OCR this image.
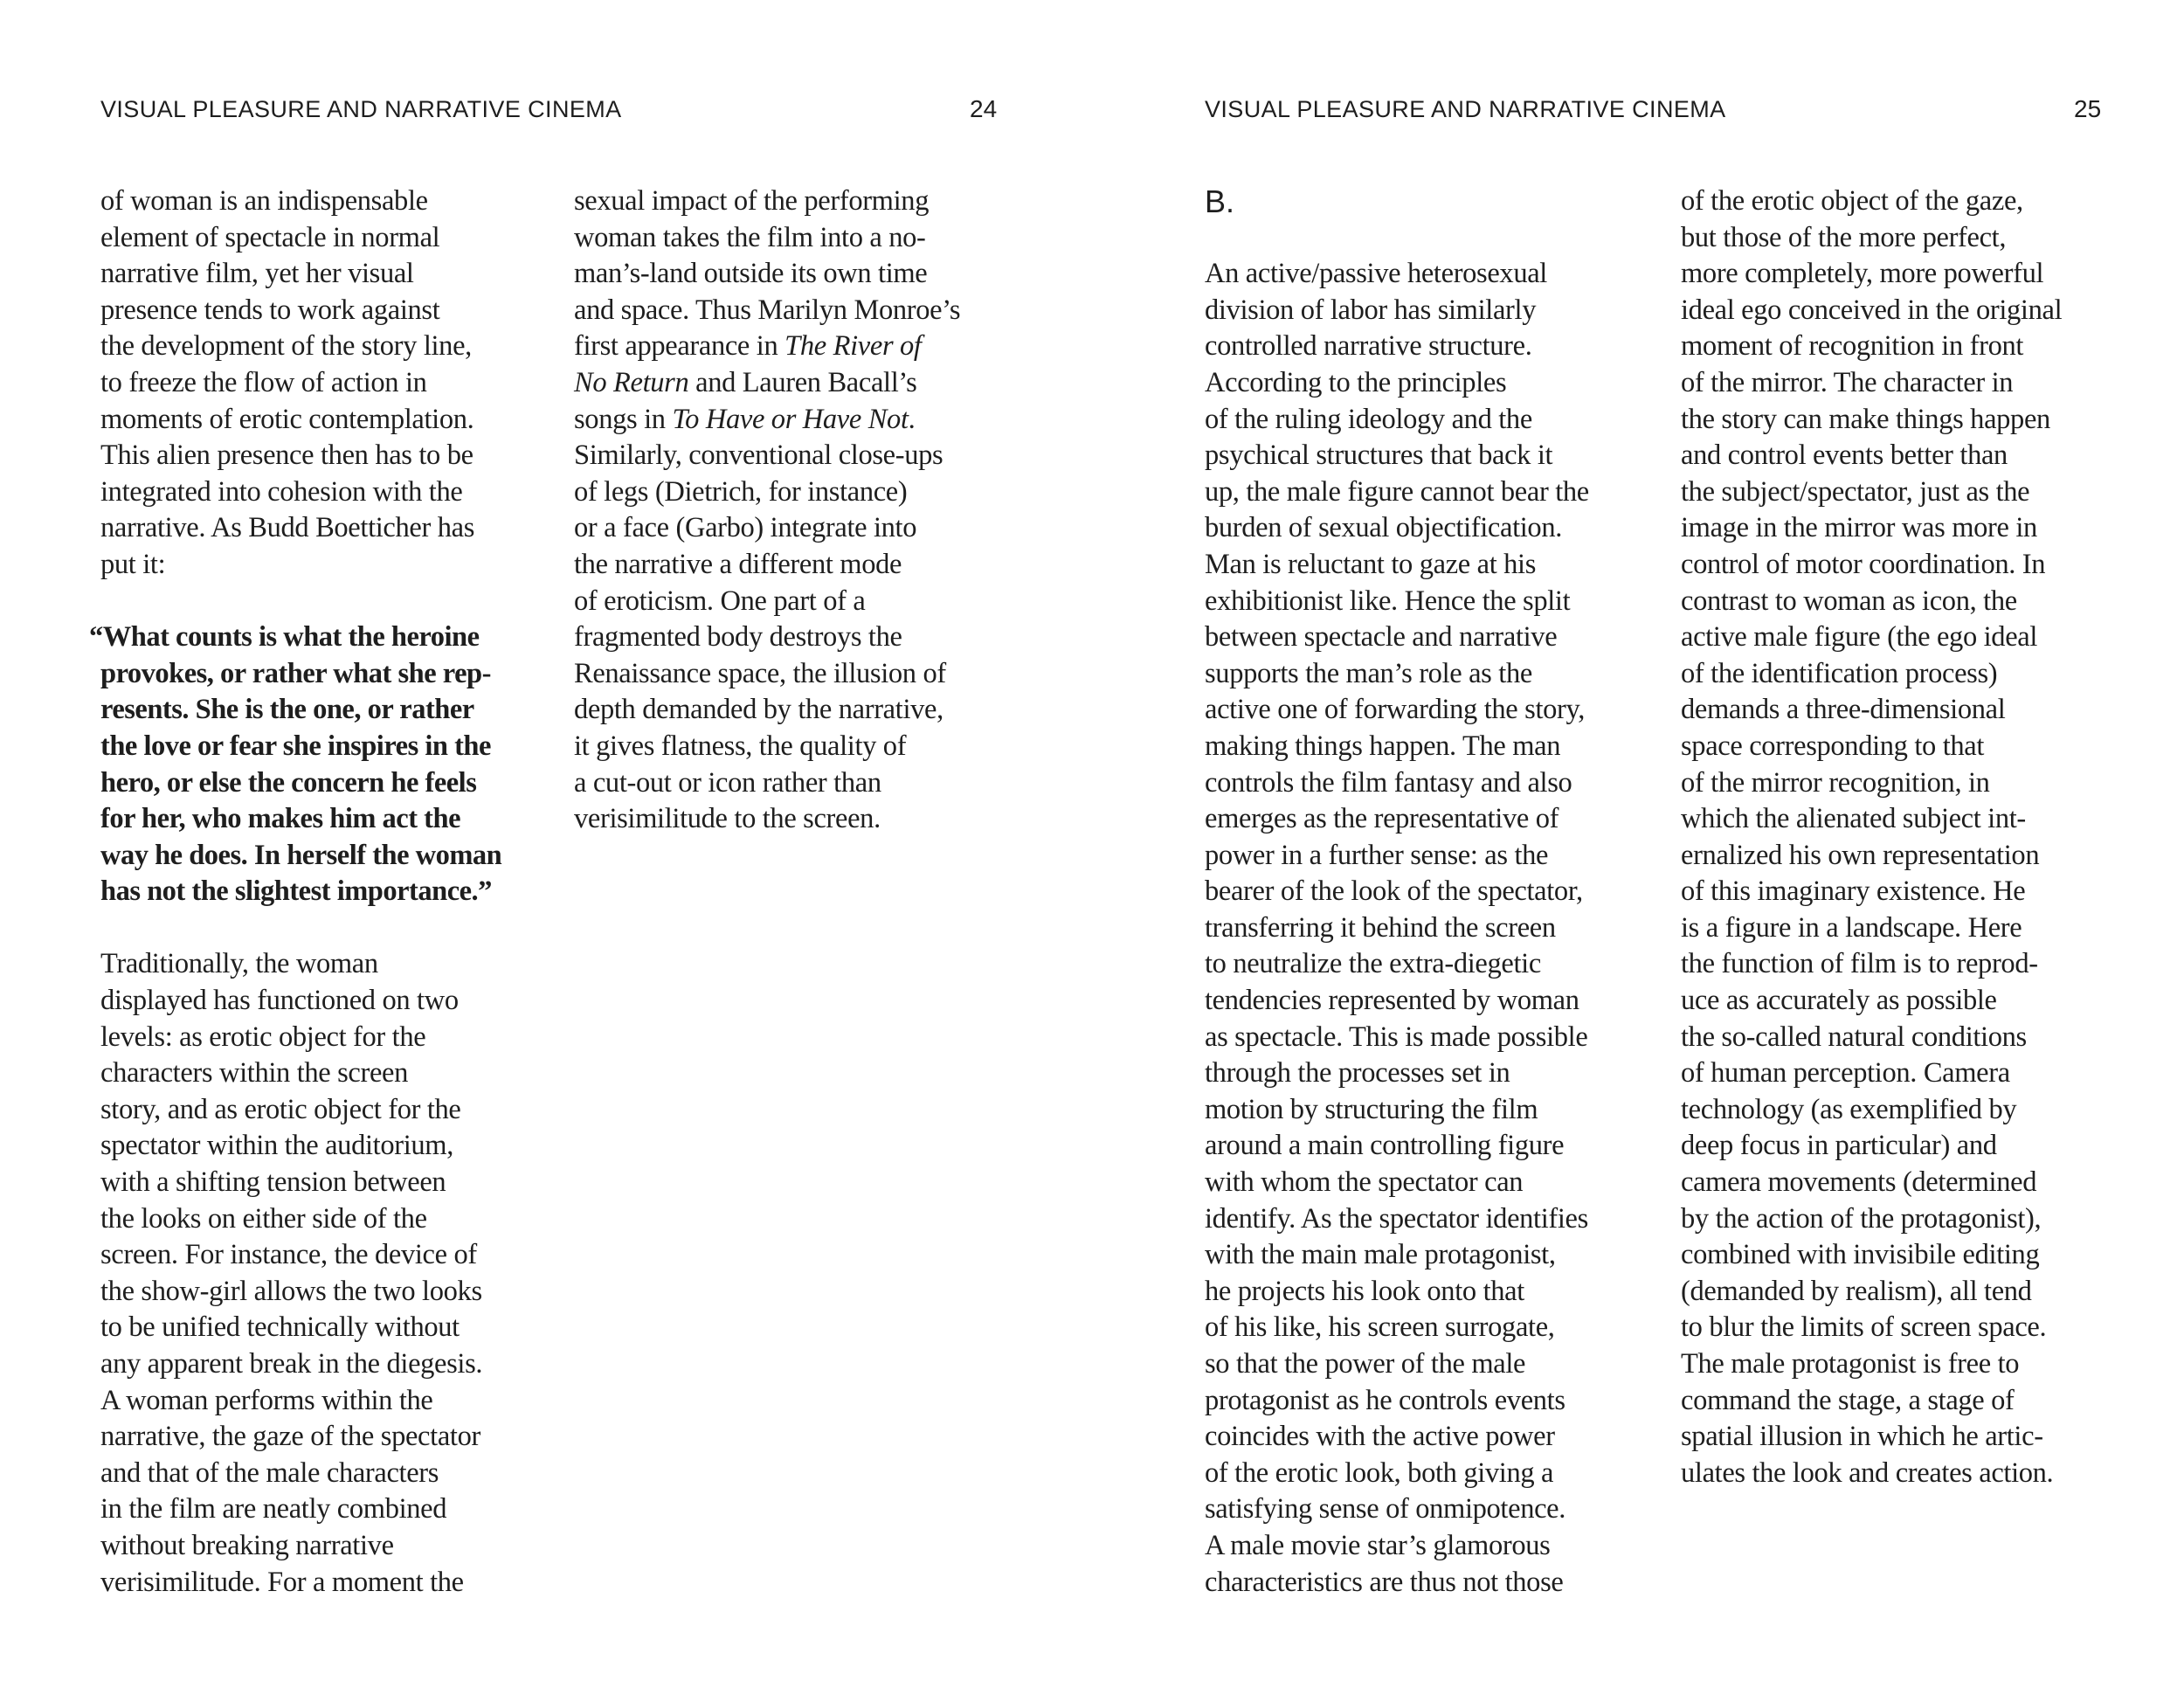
VISUAL PLEASURE AND NARRATIVE CINEMA	24

of woman is an indispensable
element of spectacle in normal
narrative film, yet her visual
presence tends to work against
the development of the story line,
to freeze the flow of action in
moments of erotic contemplation.
This alien presence then has to be
integrated into cohesion with the
narrative. As Budd Boetticher has
put it:

“What counts is what the heroine
provokes, or rather what she rep-
resents. She is the one, or rather
the love or fear she inspires in the
hero, or else the concern he feels
for her, who makes him act the
way he does. In herself the woman
has not the slightest importance.”

Traditionally, the woman
displayed has functioned on two
levels: as erotic object for the
characters within the screen
story, and as erotic object for the
spectator within the auditorium,
with a shifting tension between
the looks on either side of the
screen. For instance, the device of
the show-girl allows the two looks
to be unified technically without
any apparent break in the diegesis.
A woman performs within the
narrative, the gaze of the spectator
and that of the male characters
in the film are neatly combined
without breaking narrative
verisimilitude. For a moment the

sexual impact of the performing
woman takes the film into a no-
man’s-land outside its own time
and space. Thus Marilyn Monroe’s
first appearance in The River of
No Return and Lauren Bacall’s
songs in To Have or Have Not.
Similarly, conventional close-ups
of legs (Dietrich, for instance)
or a face (Garbo) integrate into
the narrative a different mode
of eroticism. One part of a
fragmented body destroys the
Renaissance space, the illusion of
depth demanded by the narrative,
it gives flatness, the quality of
a cut-out or icon rather than
verisimilitude to the screen.

VISUAL PLEASURE AND NARRATIVE CINEMA	25
B.

An active/passive heterosexual
division of labor has similarly
controlled narrative structure.
According to the principles
of the ruling ideology and the
psychical structures that back it
up, the male figure cannot bear the
burden of sexual objectification.
Man is reluctant to gaze at his
exhibitionist like. Hence the split
between spectacle and narrative
supports the man’s role as the
active one of forwarding the story,
making things happen. The man
controls the film fantasy and also
emerges as the representative of
power in a further sense: as the
bearer of the look of the spectator,
transferring it behind the screen
to neutralize the extra-diegetic
tendencies represented by woman
as spectacle. This is made possible
through the processes set in
motion by structuring the film
around a main controlling figure
with whom the spectator can
identify. As the spectator identifies
with the main male protagonist,
he projects his look onto that
of his like, his screen surrogate,
so that the power of the male
protagonist as he controls events
coincides with the active power
of the erotic look, both giving a
satisfying sense of onmipotence.
A male movie star’s glamorous
characteristics are thus not those

of the erotic object of the gaze,
but those of the more perfect,
more completely, more powerful
ideal ego conceived in the original
moment of recognition in front
of the mirror. The character in
the story can make things happen
and control events better than
the subject/spectator, just as the
image in the mirror was more in
control of motor coordination. In
contrast to woman as icon, the
active male figure (the ego ideal
of the identification process)
demands a three-dimensional
space corresponding to that
of the mirror recognition, in
which the alienated subject int-
ernalized his own representation
of this imaginary existence. He
is a figure in a landscape. Here
the function of film is to reprod-
uce as accurately as possible
the so-called natural conditions
of human perception. Camera
technology (as exemplified by
deep focus in particular) and
camera movements (determined
by the action of the protagonist),
combined with invisibile editing
(demanded by realism), all tend
to blur the limits of screen space.
The male protagonist is free to
command the stage, a stage of
spatial illusion in which he artic-
ulates the look and creates action.
